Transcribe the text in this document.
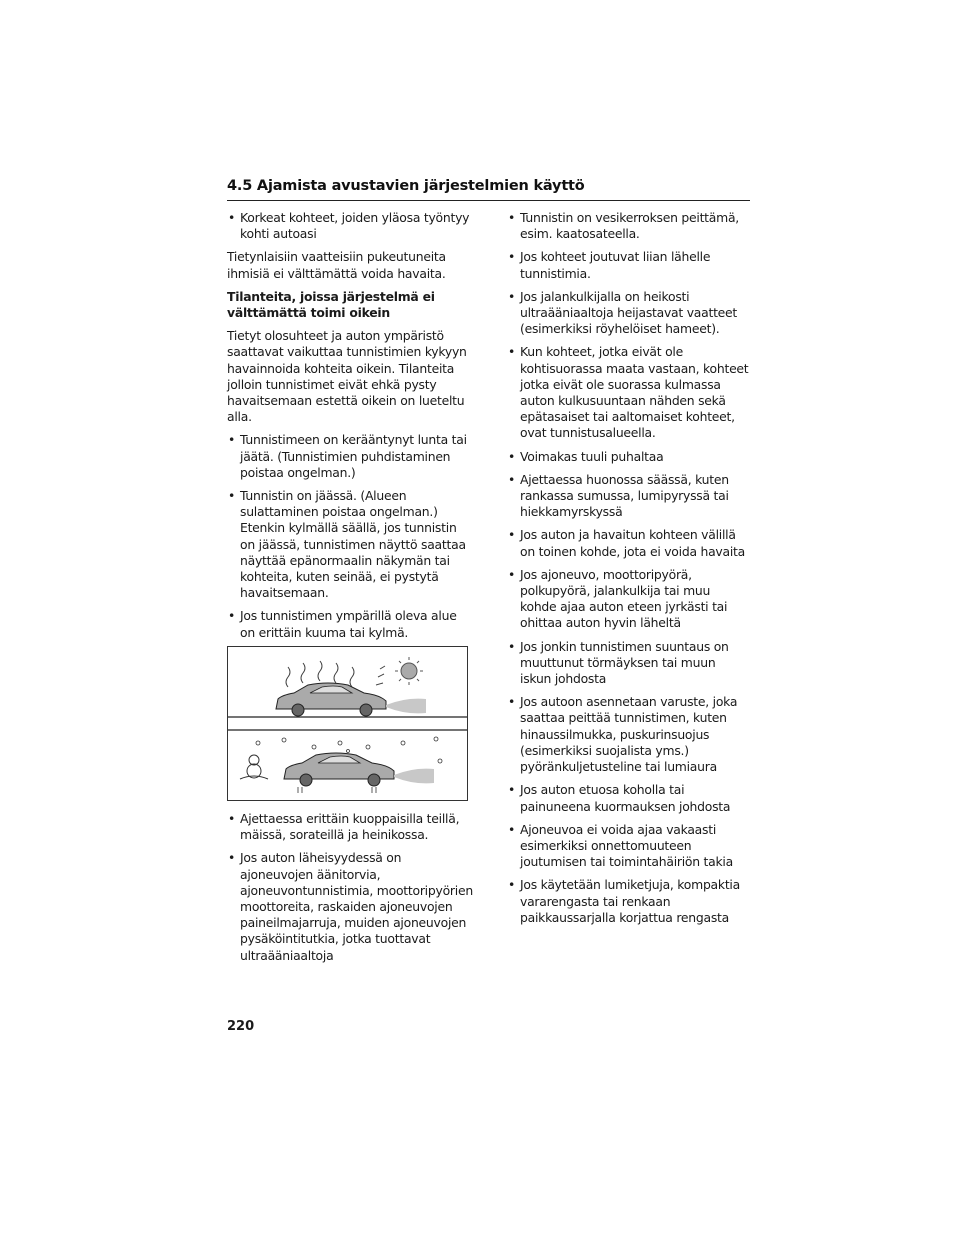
4.5 Ajamista avustavien järjestelmien käyttö
• Korkeat kohteet, joiden yläosa työntyy kohti autoasi

Tietynlaisiin vaatteisiin pukeutuneita ihmisiä ei välttämättä voida havaita.

Tilanteita, joissa järjestelmä ei välttämättä toimi oikein

Tietyt olosuhteet ja auton ympäristö saattavat vaikuttaa tunnistimien kykyyn havainnoida kohteita oikein. Tilanteita jolloin tunnistimet eivät ehkä pysty havaitsemaan estettä oikein on lueteltu alla.

• Tunnistimeen on kerääntynyt lunta tai jäätä. (Tunnistimien puhdistaminen poistaa ongelman.)
• Tunnistin on jäässä. (Alueen sulattaminen poistaa ongelman.) Etenkin kylmällä säällä, jos tunnistin on jäässä, tunnistimen näyttö saattaa näyttää epänormaalin näkymän tai kohteita, kuten seinää, ei pystytä havaitsemaan.
• Jos tunnistimen ympärillä oleva alue on erittäin kuuma tai kylmä.
• Ajettaessa erittäin kuoppaisilla teillä, mäissä, sorateillä ja heinikossa.
• Jos auton läheisyydessä on ajoneuvojen äänitorvia, ajoneuvontunnistimia, moottoripyörien moottoreita, raskaiden ajoneuvojen paineilmajarruja, muiden ajoneuvojen pysäköintitutkia, jotka tuottavat ultraääniaaltoja
• Tunnistin on vesikerroksen peittämä, esim. kaatosateella.
• Jos kohteet joutuvat liian lähelle tunnistimia.
• Jos jalankulkijalla on heikosti ultraääniaaltoja heijastavat vaatteet (esimerkiksi röyhelöiset hameet).
• Kun kohteet, jotka eivät ole kohtisuorassa maata vastaan, kohteet jotka eivät ole suorassa kulmassa auton kulkusuuntaan nähden sekä epätasaiset tai aaltomaiset kohteet, ovat tunnistusalueella.
• Voimakas tuuli puhaltaa
• Ajettaessa huonossa säässä, kuten rankassa sumussa, lumipyryssä tai hiekkamyrskyssä
• Jos auton ja havaitun kohteen välillä on toinen kohde, jota ei voida havaita
• Jos ajoneuvo, moottoripyörä, polkupyörä, jalankulkija tai muu kohde ajaa auton eteen jyrkästi tai ohittaa auton hyvin läheltä
• Jos jonkin tunnistimen suuntaus on muuttunut törmäyksen tai muun iskun johdosta
• Jos autoon asennetaan varuste, joka saattaa peittää tunnistimen, kuten hinaussilmukka, puskurinsuojus (esimerkiksi suojalista yms.) pyöränkuljetusteline tai lumiaura
• Jos auton etuosa koholla tai painuneena kuormauksen johdosta
• Ajoneuvoa ei voida ajaa vakaasti esimerkiksi onnettomuuteen joutumisen tai toimintahäiriön takia
• Jos käytetään lumiketjuja, kompaktia vararengasta tai renkaan paikkaussarjalla korjattua rengasta
220
